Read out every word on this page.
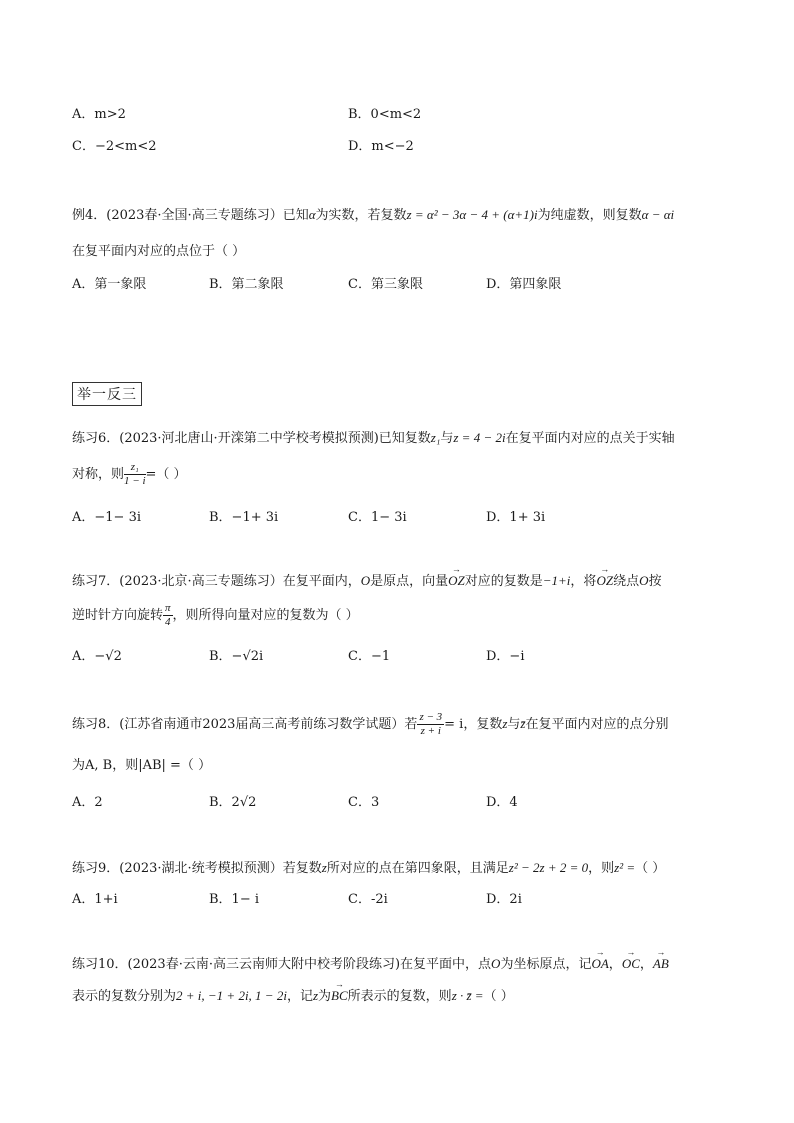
A．m>2	B．0<m<2
C．−2<m<2	D．m<−2
例4．(2023春·全国·高三专题练习）已知α为实数，若复数z = α² − 3α − 4 + (α+1)i为纯虚数，则复数α − αi
在复平面内对应的点位于（ ）
A．第一象限	B．第二象限	C．第三象限	D．第四象限
举一反三
练习6．(2023·河北唐山·开滦第二中学校考模拟预测)已知复数z₁与z = 4 − 2i在复平面内对应的点关于实轴
对称，则 $\frac{\text{z₁}}{1 - i}$ =（ ）
A．−1− 3i	B．−1+ 3i	C．1− 3i	D．1+ 3i
练习7．(2023·北京·高三专题练习）在复平面内，O是原点，向量→ OZ对应的复数是−1+i，将→ OZ绕点O按
逆时针方向旋转 $\frac{\pi}{4}$ ，则所得向量对应的复数为（ ）
A．−√2	B．−√2i	C．−1	D．−i
练习8．(江苏省南通市2023届高三高考前练习数学试题）若 $\frac{z - 3}{z + i} = i$，复数z与z̄在复平面内对应的点分别
为A, B，则|AB| =（ ）
A．2	B．2√2	C．3	D．4
练习9．(2023·湖北·统考模拟预测）若复数z所对应的点在第四象限，且满足z² − 2z + 2 = 0，则z² =（ ）
A．1+i	B．1− i	C．-2i	D．2i
练习10．(2023春·云南·高三云南师大附中校考阶段练习)在复平面中，点O为坐标原点，记→ OA，→ OC，→ AB
表示的复数分别为2 + i, −1 + 2i, 1 − 2i，记z为→ BC所表示的复数，则z · z̄ =（ ）
